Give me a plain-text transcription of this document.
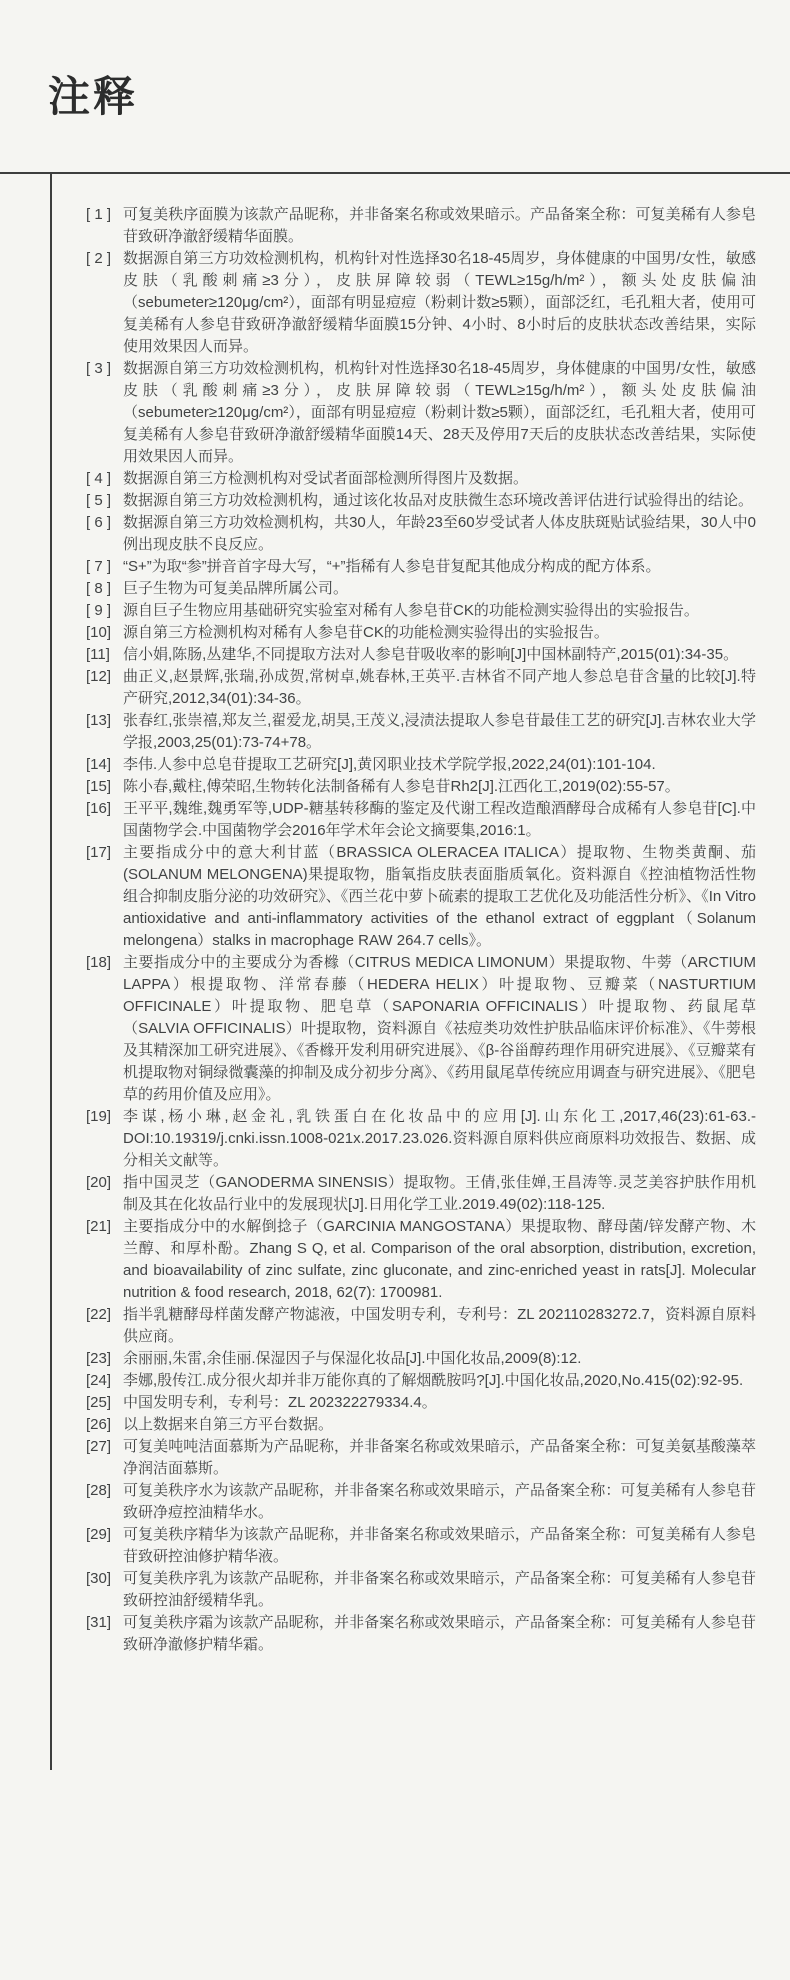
注释
[ 1 ] 可复美秩序面膜为该款产品昵称，并非备案名称或效果暗示。产品备案全称：可复美稀有人参皂苷致研净澈舒缓精华面膜。
[ 2 ] 数据源自第三方功效检测机构，机构针对性选择30名18-45周岁，身体健康的中国男/女性，敏感皮肤（乳酸刺痛≥3分），皮肤屏障较弱（TEWL≥15g/h/m²），额头处皮肤偏油（sebumeter≥120μg/cm²），面部有明显痘痘（粉刺计数≥5颗），面部泛红，毛孔粗大者，使用可复美稀有人参皂苷致研净澈舒缓精华面膜15分钟、4小时、8小时后的皮肤状态改善结果，实际使用效果因人而异。
[ 3 ] 数据源自第三方功效检测机构，机构针对性选择30名18-45周岁，身体健康的中国男/女性，敏感皮肤（乳酸刺痛≥3分），皮肤屏障较弱（TEWL≥15g/h/m²），额头处皮肤偏油（sebumeter≥120μg/cm²），面部有明显痘痘（粉刺计数≥5颗），面部泛红，毛孔粗大者，使用可复美稀有人参皂苷致研净澈舒缓精华面膜14天、28天及停用7天后的皮肤状态改善结果，实际使用效果因人而异。
[ 4 ] 数据源自第三方检测机构对受试者面部检测所得图片及数据。
[ 5 ] 数据源自第三方功效检测机构，通过该化妆品对皮肤微生态环境改善评估进行试验得出的结论。
[ 6 ] 数据源自第三方功效检测机构，共30人，年龄23至60岁受试者人体皮肤斑贴试验结果，30人中0例出现皮肤不良反应。
[ 7 ] “S+”为取“参”拼音首字母大写，“+”指稀有人参皂苷复配其他成分构成的配方体系。
[ 8 ] 巨子生物为可复美品牌所属公司。
[ 9 ] 源自巨子生物应用基础研究实验室对稀有人参皂苷CK的功能检测实验得出的实验报告。
[10] 源自第三方检测机构对稀有人参皂苷CK的功能检测实验得出的实验报告。
[11] 信小娟,陈肠,丛建华,不同提取方法对人参皂苷吸收率的影响[J]中国林副特产,2015(01):34-35。
[12] 曲正义,赵景辉,张瑞,孙成贺,常树卓,姚春林,王英平.吉林省不同产地人参总皂苷含量的比较[J].特产研究,2012,34(01):34-36。
[13] 张春红,张崇禧,郑友兰,翟爱龙,胡昊,王茂义,浸渍法提取人参皂苷最佳工艺的研究[J].吉林农业大学学报,2003,25(01):73-74+78。
[14] 李伟.人参中总皂苷提取工艺研究[J],黄冈职业技术学院学报,2022,24(01):101-104.
[15] 陈小春,戴柱,傅荣昭,生物转化法制备稀有人参皂苷Rh2[J].江西化工,2019(02):55-57。
[16] 王平平,魏维,魏勇军等,UDP-糖基转移酶的鉴定及代谢工程改造酿酒酵母合成稀有人参皂苷[C].中国菌物学会.中国菌物学会2016年学术年会论文摘要集,2016:1。
[17] 主要指成分中的意大利甘蓝（BRASSICA OLERACEA ITALICA）提取物、生物类黄酮、茄(SOLANUM MELONGENA)果提取物，脂氧指皮肤表面脂质氧化。资料源自《控油植物活性物组合抑制皮脂分泌的功效研究》、《西兰花中萝卜硫素的提取工艺优化及功能活性分析》、《In Vitro antioxidative and anti-inflammatory activities of the ethanol extract of eggplant（Solanum melongena）stalks in macrophage RAW 264.7 cells》。
[18] 主要指成分中的主要成分为香橼（CITRUS MEDICA LIMONUM）果提取物、牛蒡（ARCTIUM LAPPA）根提取物、洋常春藤（HEDERA HELIX）叶提取物、豆瓣菜（NASTURTIUM OFFICINALE）叶提取物、肥皂草（SAPONARIA OFFICINALIS）叶提取物、药鼠尾草（SALVIA OFFICINALIS）叶提取物，资料源自《祛痘类功效性护肤品临床评价标准》、《牛蒡根及其精深加工研究进展》、《香橼开发利用研究进展》、《β-谷甾醇药理作用研究进展》、《豆瓣菜有机提取物对铜绿微囊藻的抑制及成分初步分离》、《药用鼠尾草传统应用调查与研究进展》、《肥皂草的药用价值及应用》。
[19] 李谋,杨小琳,赵金礼,乳铁蛋白在化妆品中的应用[J].山东化工,2017,46(23):61-63.-DOI:10.19319/j.cnki.issn.1008-021x.2017.23.026.资料源自原料供应商原料功效报告、数据、成分相关文献等。
[20] 指中国灵芝（GANODERMA SINENSIS）提取物。王倩,张佳婵,王昌涛等.灵芝美容护肤作用机制及其在化妆品行业中的发展现状[J].日用化学工业.2019.49(02):118-125.
[21] 主要指成分中的水解倒捻子（GARCINIA MANGOSTANA）果提取物、酵母菌/锌发酵产物、木兰醇、和厚朴酚。Zhang S Q, et al. Comparison of the oral absorption, distribution, excretion, and bioavailability of zinc sulfate, zinc gluconate, and zinc-enriched yeast in rats[J]. Molecular nutrition & food research, 2018, 62(7): 1700981.
[22] 指半乳糖酵母样菌发酵产物滤液，中国发明专利，专利号：ZL 202110283272.7，资料源自原料供应商。
[23] 余丽丽,朱雷,余佳丽.保湿因子与保湿化妆品[J].中国化妆品,2009(8):12.
[24] 李娜,殷传江.成分很火却并非万能你真的了解烟酰胺吗?[J].中国化妆品,2020,No.415(02):92-95.
[25] 中国发明专利，专利号：ZL 202322279334.4。
[26] 以上数据来自第三方平台数据。
[27] 可复美吨吨洁面慕斯为产品昵称，并非备案名称或效果暗示，产品备案全称：可复美氨基酸藻萃净润洁面慕斯。
[28] 可复美秩序水为该款产品昵称，并非备案名称或效果暗示，产品备案全称：可复美稀有人参皂苷致研净痘控油精华水。
[29] 可复美秩序精华为该款产品昵称，并非备案名称或效果暗示，产品备案全称：可复美稀有人参皂苷致研控油修护精华液。
[30] 可复美秩序乳为该款产品昵称，并非备案名称或效果暗示，产品备案全称：可复美稀有人参皂苷致研控油舒缓精华乳。
[31] 可复美秩序霜为该款产品昵称，并非备案名称或效果暗示，产品备案全称：可复美稀有人参皂苷致研净澈修护精华霜。
